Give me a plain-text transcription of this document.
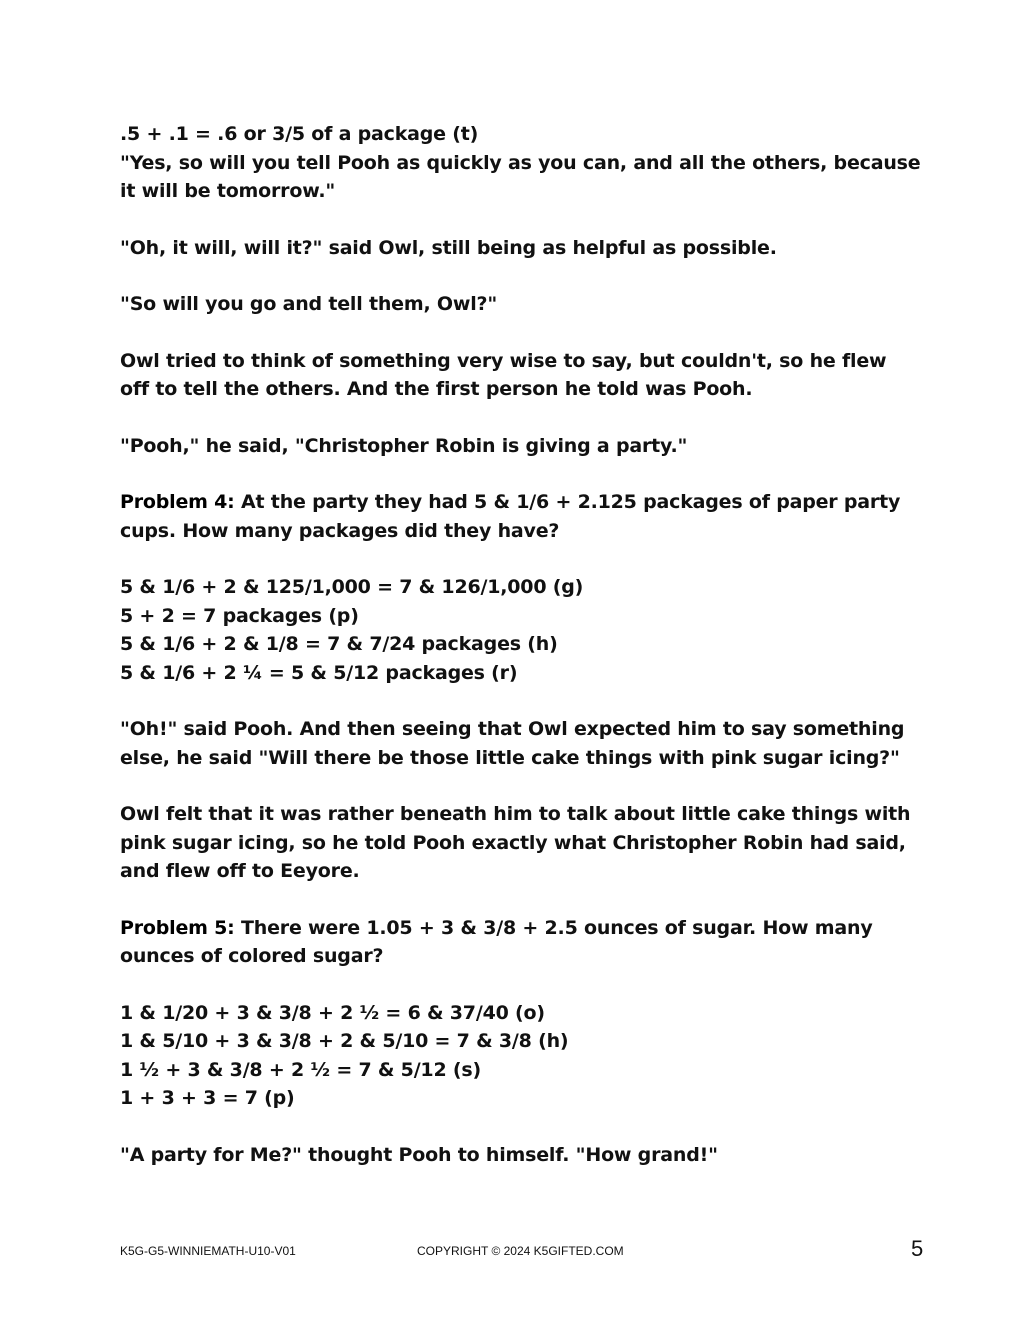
.5 + .1 = .6 or 3/5 of a package (t)
"Yes, so will you tell Pooh as quickly as you can, and all the others, because
it will be tomorrow."
"Oh, it will, will it?" said Owl, still being as helpful as possible.
"So will you go and tell them, Owl?"
Owl tried to think of something very wise to say, but couldn't, so he flew
off to tell the others. And the first person he told was Pooh.
"Pooh," he said, "Christopher Robin is giving a party."
Problem 4: At the party they had 5 & 1/6 + 2.125 packages of paper party
cups. How many packages did they have?
5 & 1/6 + 2 & 125/1,000 = 7 & 126/1,000 (g)
5 + 2 = 7 packages (p)
5 & 1/6 + 2 & 1/8 = 7 & 7/24 packages (h)
5 & 1/6 + 2 ¼ = 5 & 5/12 packages (r)
"Oh!" said Pooh. And then seeing that Owl expected him to say something
else, he said "Will there be those little cake things with pink sugar icing?"
Owl felt that it was rather beneath him to talk about little cake things with
pink sugar icing, so he told Pooh exactly what Christopher Robin had said,
and flew off to Eeyore.
Problem 5: There were 1.05 + 3 & 3/8 + 2.5 ounces of sugar. How many
ounces of colored sugar?
1 & 1/20 + 3 & 3/8 + 2 ½ = 6 & 37/40 (o)
1 & 5/10 + 3 & 3/8 + 2 & 5/10 = 7 & 3/8 (h)
1 ½ + 3 & 3/8 + 2 ½ = 7 & 5/12 (s)
1 + 3 + 3 = 7 (p)
"A party for Me?" thought Pooh to himself. "How grand!"
K5G-G5-WINNIEMATH-U10-V01	COPYRIGHT © 2024 K5GIFTED.COM	5
